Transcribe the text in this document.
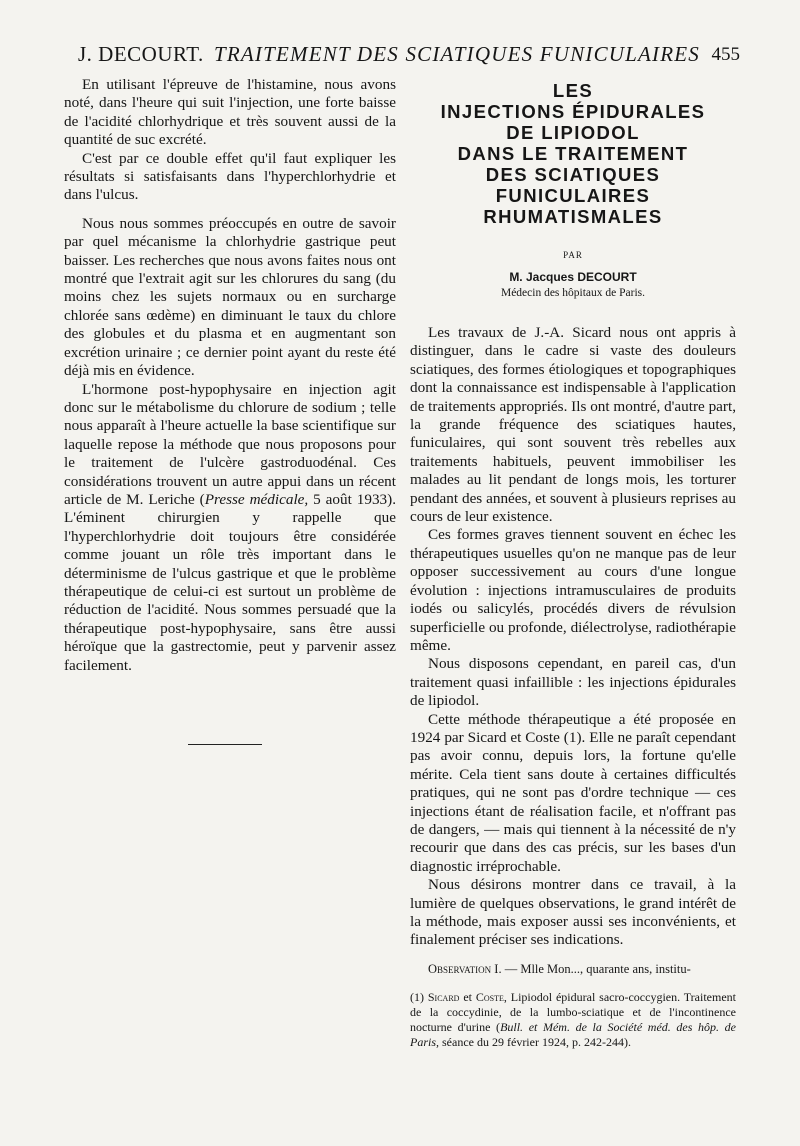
J. DECOURT. TRAITEMENT DES SCIATIQUES FUNICULAIRES 455

En utilisant l'épreuve de l'histamine, nous avons noté, dans l'heure qui suit l'injection, une forte baisse de l'acidité chlorhydrique et très souvent aussi de la quantité de suc excrété.

C'est par ce double effet qu'il faut expliquer les résultats si satisfaisants dans l'hyperchlorhydrie et dans l'ulcus.

Nous nous sommes préoccupés en outre de savoir par quel mécanisme la chlorhydrie gastrique peut baisser. Les recherches que nous avons faites nous ont montré que l'extrait agit sur les chlorures du sang (du moins chez les sujets normaux ou en surcharge chlorée sans œdème) en diminuant le taux du chlore des globules et du plasma et en augmentant son excrétion urinaire ; ce dernier point ayant du reste été déjà mis en évidence.

L'hormone post-hypophysaire en injection agit donc sur le métabolisme du chlorure de sodium ; telle nous apparaît à l'heure actuelle la base scientifique sur laquelle repose la méthode que nous proposons pour le traitement de l'ulcère gastroduodénal. Ces considérations trouvent un autre appui dans un récent article de M. Leriche (Presse médicale, 5 août 1933). L'éminent chirurgien y rappelle que l'hyperchlorhydrie doit toujours être considérée comme jouant un rôle très important dans le déterminisme de l'ulcus gastrique et que le problème thérapeutique de celui-ci est surtout un problème de réduction de l'acidité. Nous sommes persuadé que la thérapeutique post-hypophysaire, sans être aussi héroïque que la gastrectomie, peut y parvenir assez facilement.

LES
INJECTIONS ÉPIDURALES
DE LIPIODOL
DANS LE TRAITEMENT
DES SCIATIQUES
FUNICULAIRES
RHUMATISMALES
PAR
M. Jacques DECOURT
Médecin des hôpitaux de Paris.

Les travaux de J.-A. Sicard nous ont appris à distinguer, dans le cadre si vaste des douleurs sciatiques, des formes étiologiques et topographiques dont la connaissance est indispensable à l'application de traitements appropriés. Ils ont montré, d'autre part, la grande fréquence des sciatiques hautes, funiculaires, qui sont souvent très rebelles aux traitements habituels, peuvent immobiliser les malades au lit pendant de longs mois, les torturer pendant des années, et souvent à plusieurs reprises au cours de leur existence.

Ces formes graves tiennent souvent en échec les thérapeutiques usuelles qu'on ne manque pas de leur opposer successivement au cours d'une longue évolution : injections intramusculaires de produits iodés ou salicylés, procédés divers de révulsion superficielle ou profonde, diélectrolyse, radiothérapie même.

Nous disposons cependant, en pareil cas, d'un traitement quasi infaillible : les injections épidurales de lipiodol.

Cette méthode thérapeutique a été proposée en 1924 par Sicard et Coste (1). Elle ne paraît cependant pas avoir connu, depuis lors, la fortune qu'elle mérite. Cela tient sans doute à certaines difficultés pratiques, qui ne sont pas d'ordre technique — ces injections étant de réalisation facile, et n'offrant pas de dangers, — mais qui tiennent à la nécessité de n'y recourir que dans des cas précis, sur les bases d'un diagnostic irréprochable.

Nous désirons montrer dans ce travail, à la lumière de quelques observations, le grand intérêt de la méthode, mais exposer aussi ses inconvénients, et finalement préciser ses indications.

Observation I. — Mlle Mon..., quarante ans, institu-
(1) Sicard et Coste, Lipiodol épidural sacro-coccygien. Traitement de la coccydinie, de la lumbo-sciatique et de l'incontinence nocturne d'urine (Bull. et Mém. de la Société méd. des hôp. de Paris, séance du 29 février 1924, p. 242-244).
